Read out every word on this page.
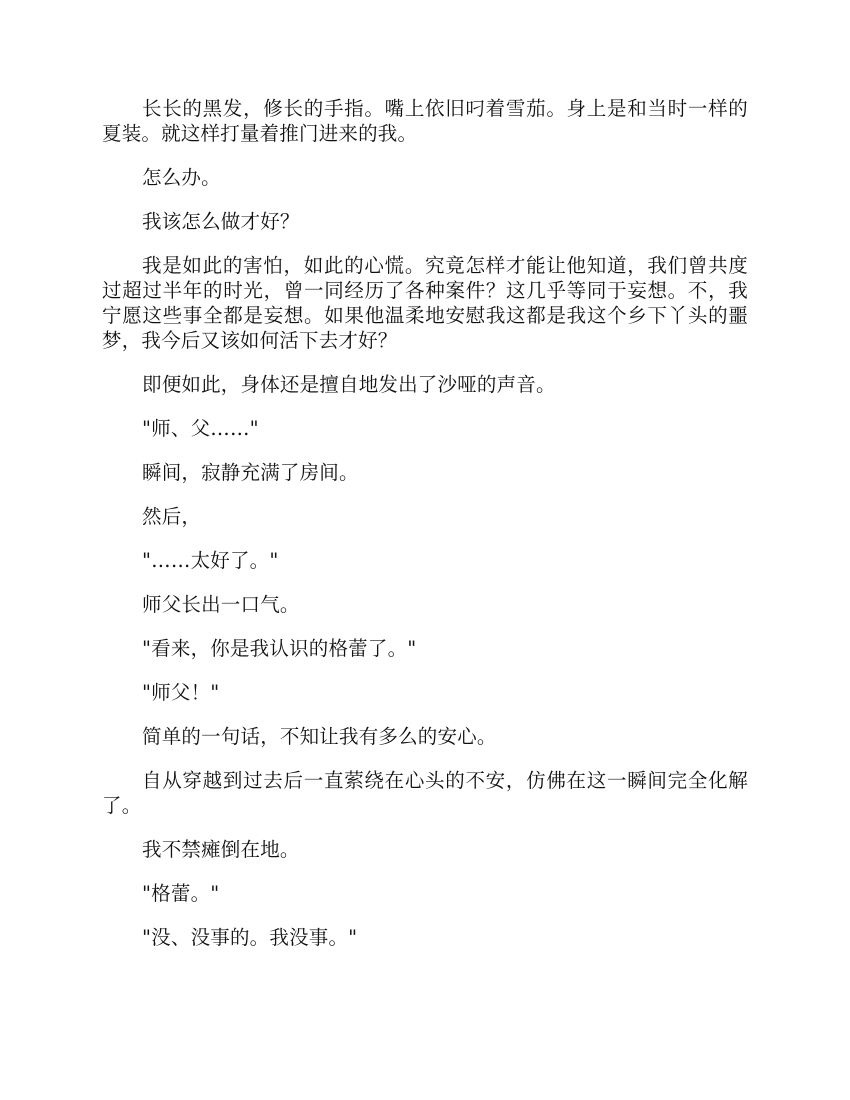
长长的黑发，修长的手指。嘴上依旧叼着雪茄。身上是和当时一样的夏装。就这样打量着推门进来的我。

怎么办。

我该怎么做才好？

我是如此的害怕，如此的心慌。究竟怎样才能让他知道，我们曾共度过超过半年的时光，曾一同经历了各种案件？这几乎等同于妄想。不，我宁愿这些事全都是妄想。如果他温柔地安慰我这都是我这个乡下丫头的噩梦，我今后又该如何活下去才好？

即便如此，身体还是擅自地发出了沙哑的声音。

"师、父……"

瞬间，寂静充满了房间。

然后，

"……太好了。"

师父长出一口气。

"看来，你是我认识的格蕾了。"

"师父！"

简单的一句话，不知让我有多么的安心。

自从穿越到过去后一直萦绕在心头的不安，仿佛在这一瞬间完全化解了。

我不禁瘫倒在地。

"格蕾。"

"没、没事的。我没事。"
